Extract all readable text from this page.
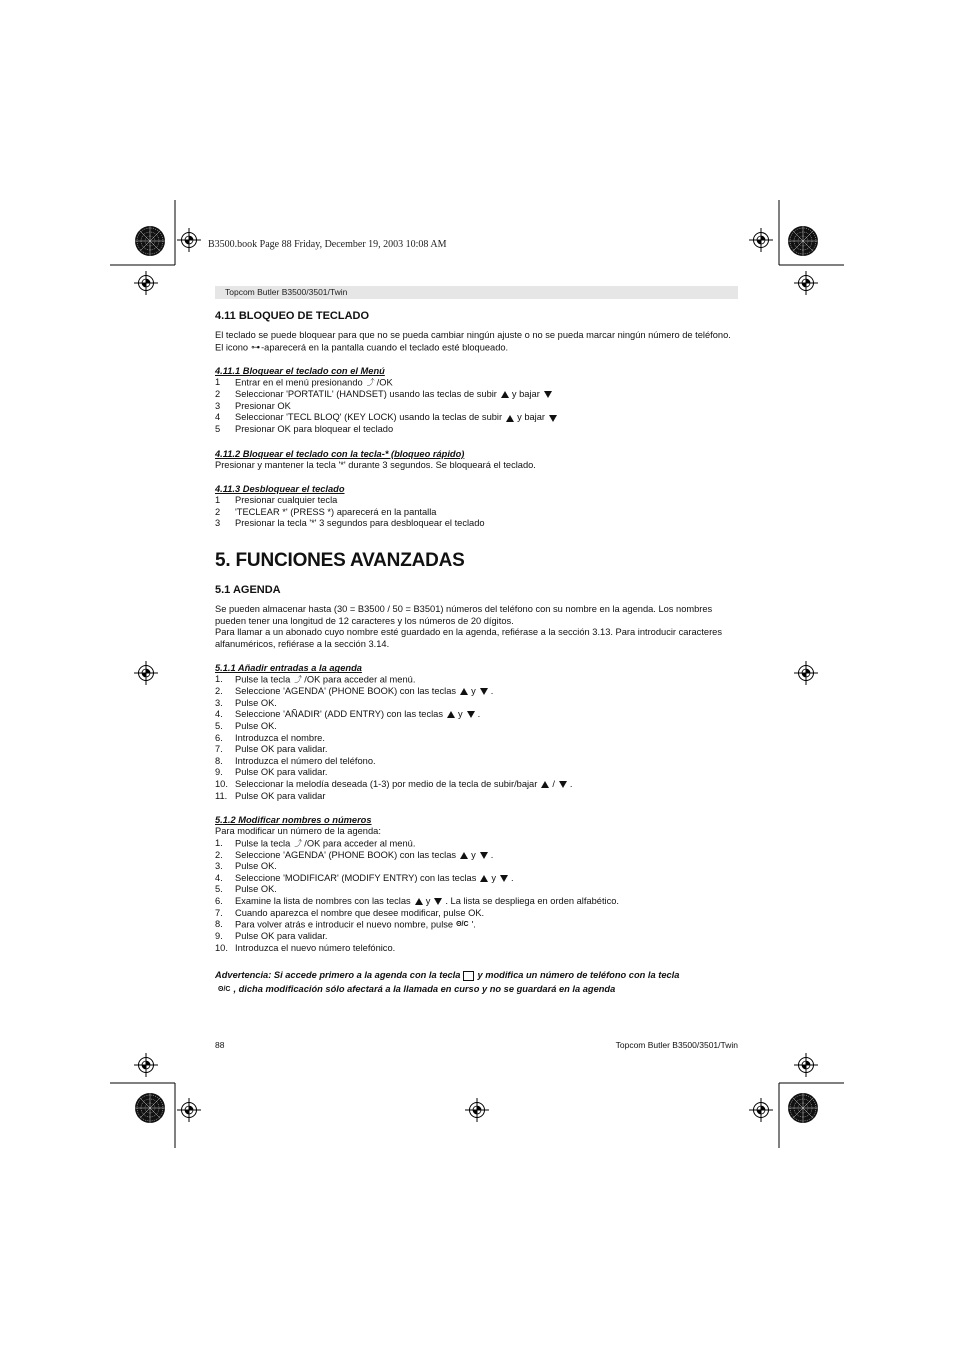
B3500.book Page 88 Friday, December 19, 2003 10:08 AM
Topcom Butler B3500/3501/Twin
4.11 BLOQUEO DE TECLADO

El teclado se puede bloquear para que no se pueda cambiar ningún ajuste o no se pueda marcar ningún número de teléfono. El icono ⊶-aparecerá en la pantalla cuando el teclado esté bloqueado.

4.11.1 Bloquear el teclado con el Menú
1	Entrar en el menú presionando ⤴ /OK
2	Seleccionar 'PORTATIL' (HANDSET) usando las teclas de subir y bajar
3	Presionar OK
4	Seleccionar 'TECL BLOQ' (KEY LOCK) usando la teclas de subir y bajar
5	Presionar OK para bloquear el teclado
4.11.2 Bloquear el teclado con la tecla-* (bloqueo rápido)

Presionar y mantener la tecla '*' durante 3 segundos. Se bloqueará el teclado.

4.11.3 Desbloquear el teclado
1	Presionar cualquier tecla
2	'TECLEAR *' (PRESS *) aparecerá en la pantalla
3	Presionar la tecla '*' 3 segundos para desbloquear el teclado
5. FUNCIONES AVANZADAS
5.1 AGENDA

Se pueden almacenar hasta (30 = B3500 / 50 = B3501) números del teléfono con su nombre en la agenda. Los nombres pueden tener una longitud de 12 caracteres y los números de 20 dígitos.

Para llamar a un abonado cuyo nombre esté guardado en la agenda, refiérase a la sección 3.13. Para introducir caracteres alfanuméricos, refiérase a la sección 3.14.

5.1.1 Añadir entradas a la agenda
1.	Pulse la tecla ⤴ /OK para acceder al menú.
2.	Seleccione 'AGENDA' (PHONE BOOK) con las teclas y .
3.	Pulse OK.
4.	Seleccione 'AÑADIR' (ADD ENTRY) con las teclas y .
5.	Pulse OK.
6.	Introduzca el nombre.
7.	Pulse OK para validar.
8.	Introduzca el número del teléfono.
9.	Pulse OK para validar.
10. Seleccionar la melodía deseada (1-3) por medio de la tecla de subir/bajar / .
11. Pulse OK para validar
5.1.2 Modificar nombres o números

Para modificar un número de la agenda:

1.	Pulse la tecla ⤴ /OK para acceder al menú.
2.	Seleccione 'AGENDA' (PHONE BOOK) con las teclas y .
3.	Pulse OK.
4.	Seleccione 'MODIFICAR' (MODIFY ENTRY) con las teclas y .
5.	Pulse OK.
6.	Examine la lista de nombres con las teclas y . La lista se despliega en orden alfabético.
7.	Cuando aparezca el nombre que desee modificar, pulse OK.
8.	Para volver atrás e introducir el nuevo nombre, pulse ʘ/C '.
9.	Pulse OK para validar.
10. Introduzca el nuevo número telefónico.

Advertencia: Si accede primero a la agenda con la tecla y modifica un número de teléfono con la tecla
ʘ/C , dicha modificación sólo afectará a la llamada en curso y no se guardará en la agenda

88	Topcom Butler B3500/3501/Twin
